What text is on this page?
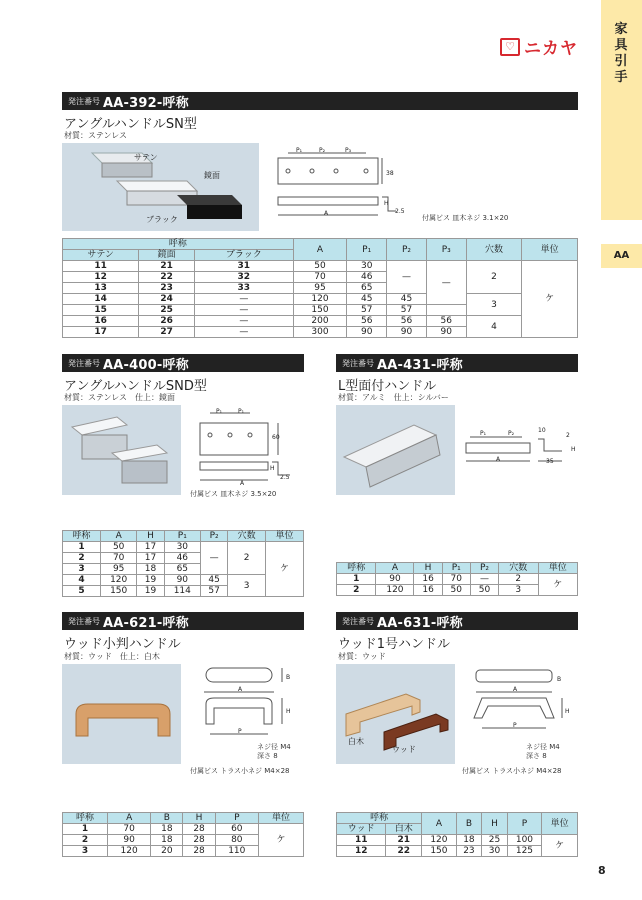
家具引手
AA
♡ ニカヤ
発注番号 AA-392-呼称
アングルハンドルSN型
材質：ステンレス
サテン
鏡面
ブラック
P₁	P₂	P₃
38
A
H
2.5
付属ビス 皿木ネジ 3.1×20
呼称			A	P₁	P₂	P₃	穴数	単位
サテン	鏡面	ブラック						
11	21	31	50	30	—	—	2	ケ
12	22	32	70	46				
13	23	33	95	65				
14	24	—	120	45	45		3	
15	25	—	150	57	57			
16	26	—	200	56	56	56	4	
17	27	—	300	90	90	90		
発注番号 AA-400-呼称
アングルハンドルSND型
材質：ステンレス　仕上：鏡面
P₁	P₁
60
H
A
2.5
付属ビス 皿木ネジ 3.5×20
呼称	A	H	P₁	P₂	穴数	単位
1	50	17	30	—	2	ケ
2	70	17	46			
3	95	18	65			
4	120	19	90	45	3	
5	150	19	114	57		
発注番号 AA-431-呼称
L型面付ハンドル
材質：アルミ　仕上：シルバー
P₁	P₂
A
10
2
H
35
呼称	A	H	P₁	P₂	穴数	単位
1	90	16	70	—	2	ケ
2	120	16	50	50	3	
発注番号 AA-621-呼称
ウッド小判ハンドル
材質：ウッド　仕上：白木
B
A
H
P
ネジ径 M4
深さ 8
付属ビス トラス小ネジ M4×28
呼称	A	B	H	P	単位
1	70	18	28	60	ケ
2	90	18	28	80	
3	120	20	28	110	
発注番号 AA-631-呼称
ウッド1号ハンドル
材質：ウッド
白木
ウッド
B
A
H
P
ネジ径 M4
深さ 8
付属ビス トラス小ネジ M4×28
呼称		A	B	H	P	単位
ウッド	白木					
11	21	120	18	25	100	ケ
12	22	150	23	30	125	
8
